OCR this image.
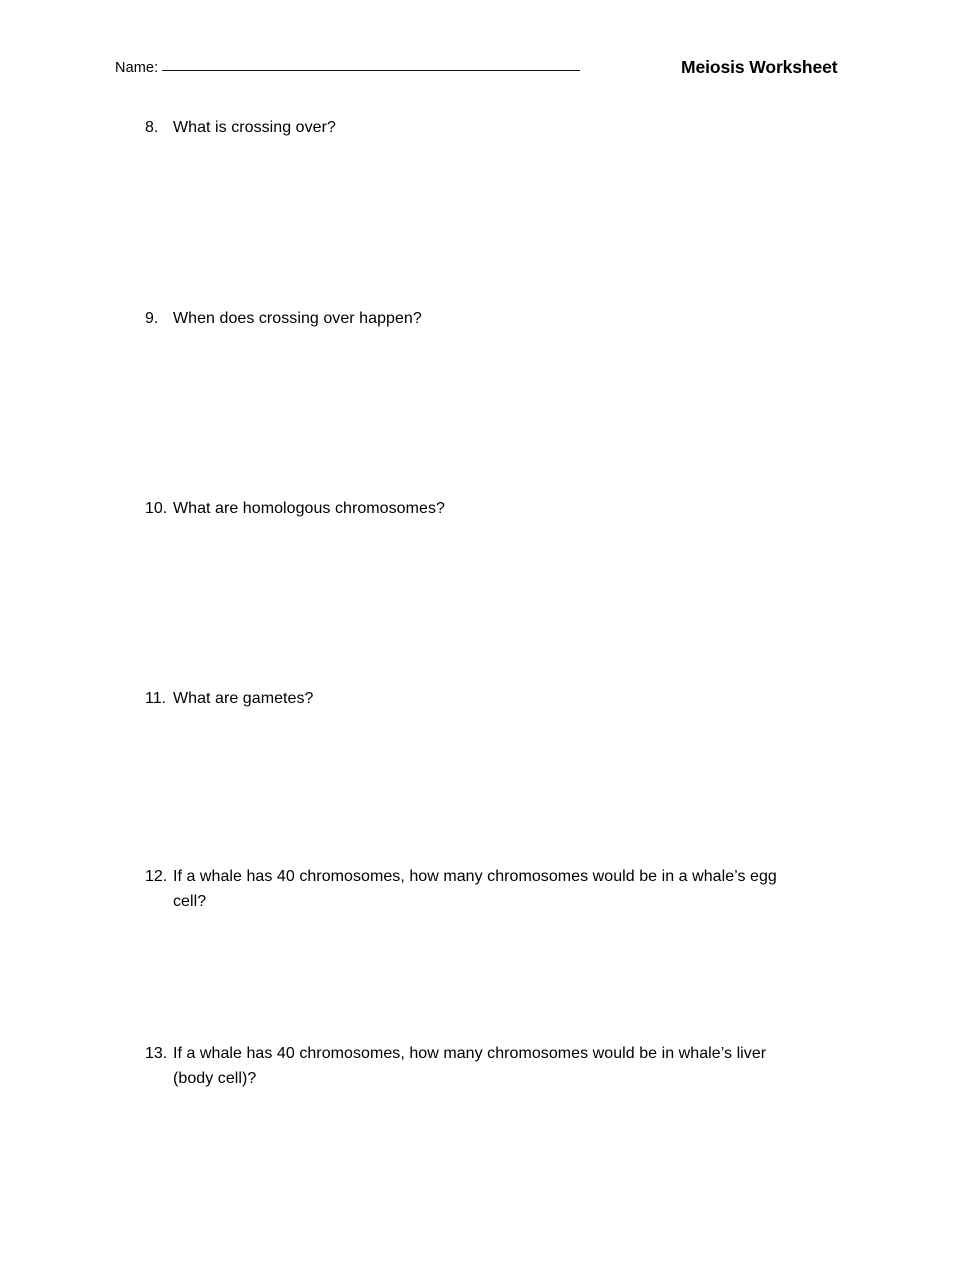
Name:	Meiosis Worksheet
8. What is crossing over?
9. When does crossing over happen?
10. What are homologous chromosomes?
11. What are gametes?
12. If a whale has 40 chromosomes, how many chromosomes would be in a whale’s egg
cell?
13. If a whale has 40 chromosomes, how many chromosomes would be in whale’s liver
(body cell)?
